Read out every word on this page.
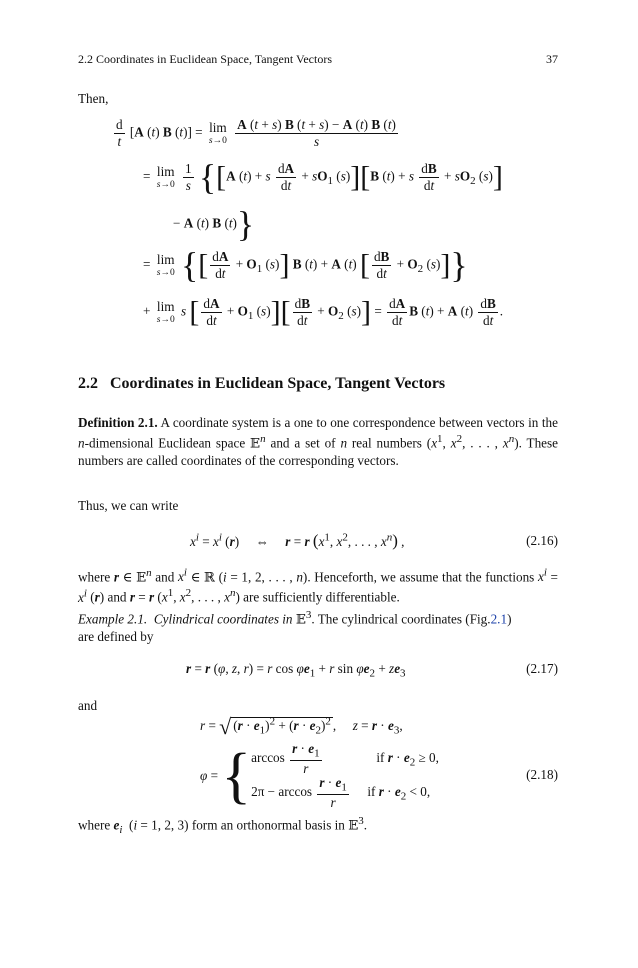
2.2 Coordinates in Euclidean Space, Tangent Vectors	37
Then,
$\frac{d}{t} [A$ (t) B (t)] = lim
s→0
$\frac{A (t + s) B (t + s) - A (t) B (t)}{s}$
= lim
s→0
$\frac{1}{s} \{[A$ (t) + s $\frac{dA}{dt} + sO_1$ (s)][B (t) + s $\frac{dB}{dt} + sO_2$ (s)]
− A (t) B (t)}
= lim
s→0 {[ $\frac{dA}{dt} + O_1$ (s)] B (t) + A (t) [ $\frac{dB}{dt} + O_2$ (s)]}
+ lim
s→0
s [ $\frac{dA}{dt} + O_1$ $(s)][ \frac{dB}{dt} + O_2$ $(s)] = \frac{dA}{dt}$ B (t) + A $(t) \frac{dB}{dt}$ .
2.2 Coordinates in Euclidean Space, Tangent Vectors
Definition 2.1. A coordinate system is a one to one correspondence between vectors in the n-dimensional Euclidean space 𝔼$^n$ and a set of n real numbers ($x^1$, $x^2$, . . . , $x^n$). These numbers are called coordinates of the corresponding vectors.
Thus, we can write
$x^i = x^i$ (r)     ⇔     r = r ($x^1$, $x^2$, . . . , $x^n$) ,	(2.16)
where r ∈ 𝔼$^n$ and $x^i$ ∈ ℝ (i = 1, 2, . . . , n). Henceforth, we assume that the functions $x^i = x^i$ (r) and r = r ($x^1$, $x^2$, . . . , $x^n$) are sufficiently differentiable.
Example 2.1. Cylindrical coordinates in 𝔼$^3$. The cylindrical coordinates (Fig.2.1)
are defined by
r = r (φ, z, r) = r $\cos \varphi e_1 + r$ $\sin \varphi e_2 + ze_3$	(2.17)
and
r = √ $(r \cdot e_1)^2 + (r \cdot e_2)^2$ ,     $z = r \cdot e_3$,
φ = { $\arccos \frac{r \cdot e_1}{r}$ if $r \cdot e_2 \ge 0$,
$2\pi - \arccos \frac{r \cdot e_1}{r}$ if $r \cdot e_2 < 0$,
(2.18)
where $e_i$  (i = 1, 2, 3) form an orthonormal basis in 𝔼$^3$.
